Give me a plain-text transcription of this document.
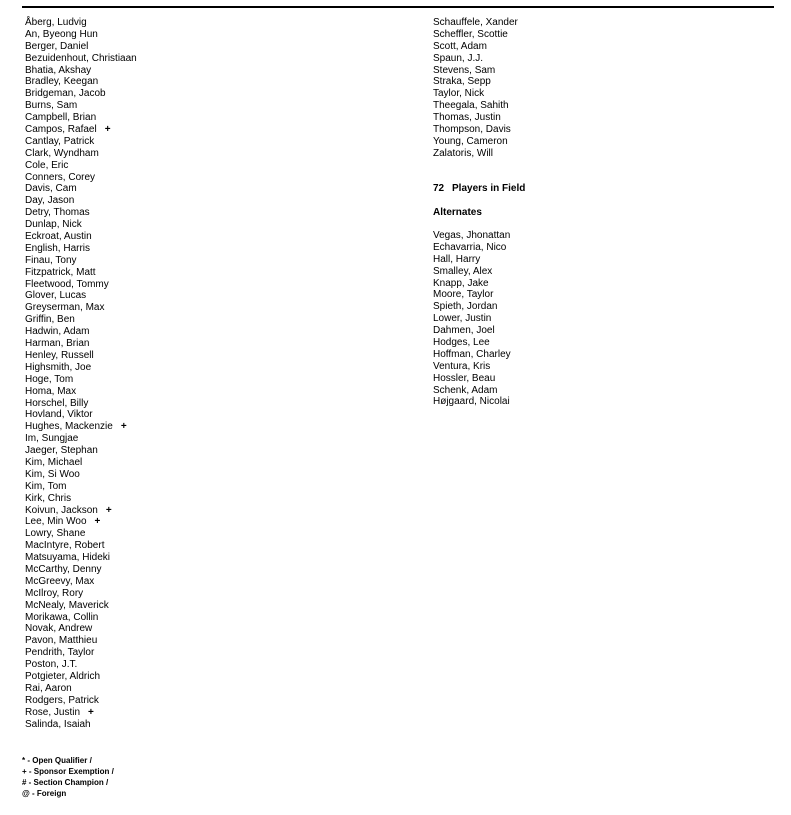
Åberg, Ludvig
An, Byeong Hun
Berger, Daniel
Bezuidenhout, Christiaan
Bhatia, Akshay
Bradley, Keegan
Bridgeman, Jacob
Burns, Sam
Campbell, Brian
Campos, Rafael +
Cantlay, Patrick
Clark, Wyndham
Cole, Eric
Conners, Corey
Davis, Cam
Day, Jason
Detry, Thomas
Dunlap, Nick
Eckroat, Austin
English, Harris
Finau, Tony
Fitzpatrick, Matt
Fleetwood, Tommy
Glover, Lucas
Greyserman, Max
Griffin, Ben
Hadwin, Adam
Harman, Brian
Henley, Russell
Highsmith, Joe
Hoge, Tom
Homa, Max
Horschel, Billy
Hovland, Viktor
Hughes, Mackenzie +
Im, Sungjae
Jaeger, Stephan
Kim, Michael
Kim, Si Woo
Kim, Tom
Kirk, Chris
Koivun, Jackson +
Lee, Min Woo +
Lowry, Shane
MacIntyre, Robert
Matsuyama, Hideki
McCarthy, Denny
McGreevy, Max
McIlroy, Rory
McNealy, Maverick
Morikawa, Collin
Novak, Andrew
Pavon, Matthieu
Pendrith, Taylor
Poston, J.T.
Potgieter, Aldrich
Rai, Aaron
Rodgers, Patrick
Rose, Justin +
Salinda, Isaiah
Schauffele, Xander
Scheffler, Scottie
Scott, Adam
Spaun, J.J.
Stevens, Sam
Straka, Sepp
Taylor, Nick
Theegala, Sahith
Thomas, Justin
Thompson, Davis
Young, Cameron
Zalatoris, Will
72 Players in Field
Alternates
Vegas, Jhonattan
Echavarria, Nico
Hall, Harry
Smalley, Alex
Knapp, Jake
Moore, Taylor
Spieth, Jordan
Lower, Justin
Dahmen, Joel
Hodges, Lee
Hoffman, Charley
Ventura, Kris
Hossler, Beau
Schenk, Adam
Højgaard, Nicolai
* - Open Qualifier /
+ - Sponsor Exemption /
# - Section Champion /
@ - Foreign
